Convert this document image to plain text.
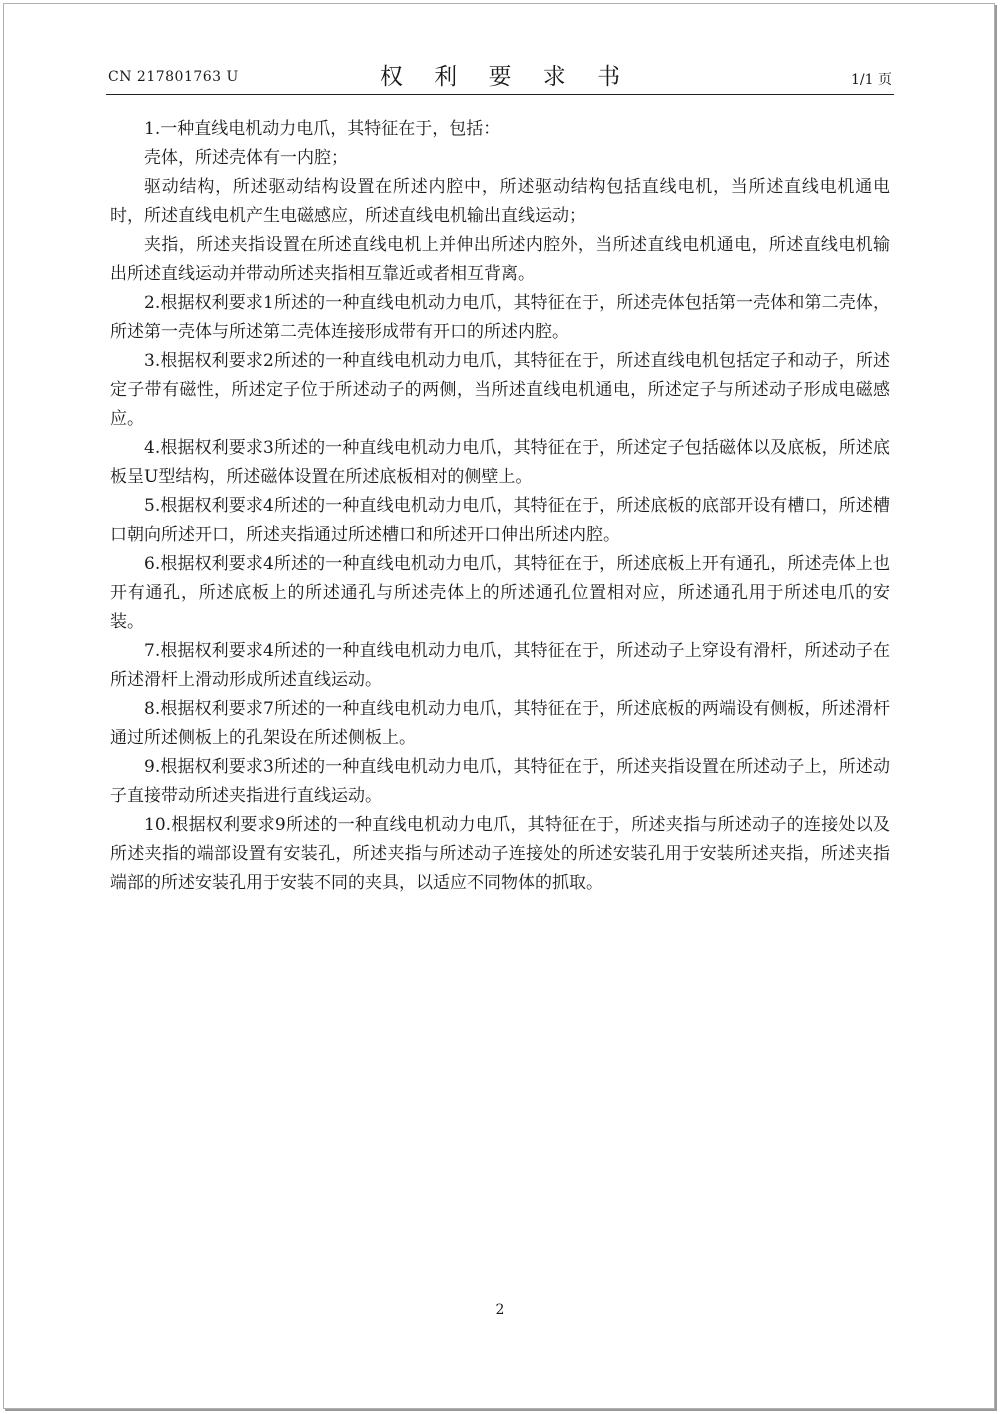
CN 217801763 U	权 利 要 求 书	1/1 页

1.一种直线电机动力电爪，其特征在于，包括：

壳体，所述壳体有一内腔；

驱动结构，所述驱动结构设置在所述内腔中，所述驱动结构包括直线电机，当所述直线电机通电时，所述直线电机产生电磁感应，所述直线电机输出直线运动；

夹指，所述夹指设置在所述直线电机上并伸出所述内腔外，当所述直线电机通电，所述直线电机输出所述直线运动并带动所述夹指相互靠近或者相互背离。

2.根据权利要求1所述的一种直线电机动力电爪，其特征在于，所述壳体包括第一壳体和第二壳体，所述第一壳体与所述第二壳体连接形成带有开口的所述内腔。

3.根据权利要求2所述的一种直线电机动力电爪，其特征在于，所述直线电机包括定子和动子，所述定子带有磁性，所述定子位于所述动子的两侧，当所述直线电机通电，所述定子与所述动子形成电磁感应。

4.根据权利要求3所述的一种直线电机动力电爪，其特征在于，所述定子包括磁体以及底板，所述底板呈U型结构，所述磁体设置在所述底板相对的侧壁上。

5.根据权利要求4所述的一种直线电机动力电爪，其特征在于，所述底板的底部开设有槽口，所述槽口朝向所述开口，所述夹指通过所述槽口和所述开口伸出所述内腔。

6.根据权利要求4所述的一种直线电机动力电爪，其特征在于，所述底板上开有通孔，所述壳体上也开有通孔，所述底板上的所述通孔与所述壳体上的所述通孔位置相对应，所述通孔用于所述电爪的安装。

7.根据权利要求4所述的一种直线电机动力电爪，其特征在于，所述动子上穿设有滑杆，所述动子在所述滑杆上滑动形成所述直线运动。

8.根据权利要求7所述的一种直线电机动力电爪，其特征在于，所述底板的两端设有侧板，所述滑杆通过所述侧板上的孔架设在所述侧板上。

9.根据权利要求3所述的一种直线电机动力电爪，其特征在于，所述夹指设置在所述动子上，所述动子直接带动所述夹指进行直线运动。

10.根据权利要求9所述的一种直线电机动力电爪，其特征在于，所述夹指与所述动子的连接处以及所述夹指的端部设置有安装孔，所述夹指与所述动子连接处的所述安装孔用于安装所述夹指，所述夹指端部的所述安装孔用于安装不同的夹具，以适应不同物体的抓取。

2
